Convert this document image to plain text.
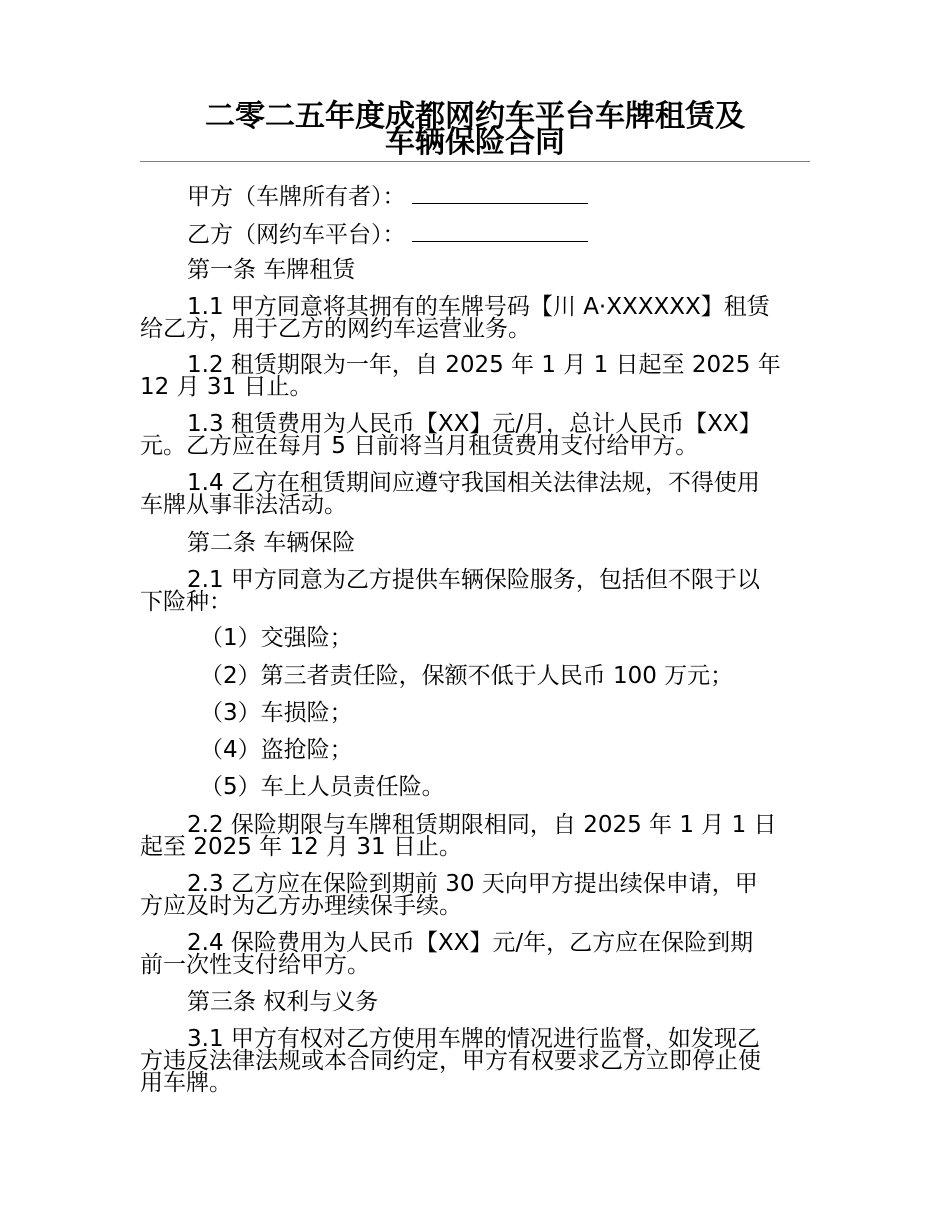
二零二五年度成都网约车平台车牌租赁及
车辆保险合同
甲方（车牌所有者）：
乙方（网约车平台）：
第一条 车牌租赁
1.1 甲方同意将其拥有的车牌号码【川 A·XXXXXX】租赁
给乙方，用于乙方的网约车运营业务。
1.2 租赁期限为一年，自 2025 年 1 月 1 日起至 2025 年
12 月 31 日止。
1.3 租赁费用为人民币【XX】元/月，总计人民币【XX】
元。乙方应在每月 5 日前将当月租赁费用支付给甲方。
1.4 乙方在租赁期间应遵守我国相关法律法规，不得使用
车牌从事非法活动。
第二条 车辆保险
2.1 甲方同意为乙方提供车辆保险服务，包括但不限于以
下险种：
（1）交强险；
（2）第三者责任险，保额不低于人民币 100 万元；
（3）车损险；
（4）盗抢险；
（5）车上人员责任险。
2.2 保险期限与车牌租赁期限相同，自 2025 年 1 月 1 日
起至 2025 年 12 月 31 日止。
2.3 乙方应在保险到期前 30 天向甲方提出续保申请，甲
方应及时为乙方办理续保手续。
2.4 保险费用为人民币【XX】元/年，乙方应在保险到期
前一次性支付给甲方。
第三条 权利与义务
3.1 甲方有权对乙方使用车牌的情况进行监督，如发现乙
方违反法律法规或本合同约定，甲方有权要求乙方立即停止使
用车牌。
